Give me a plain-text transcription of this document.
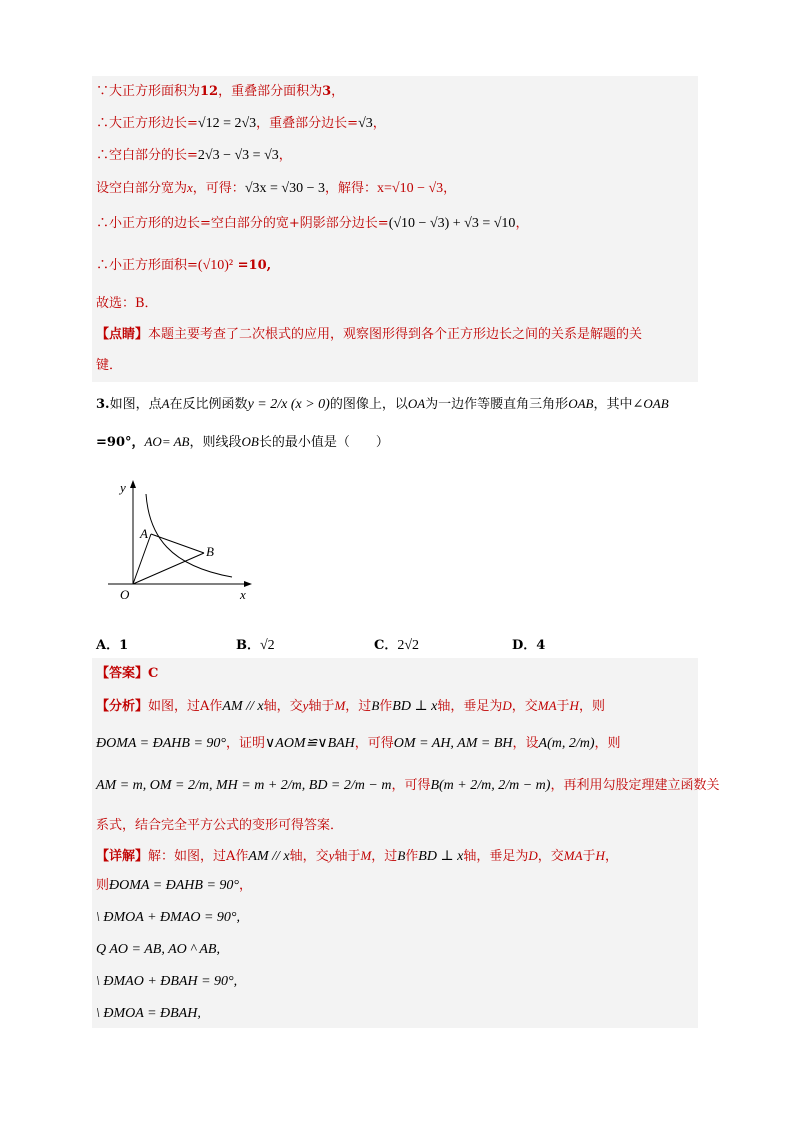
∵大正方形面积为12，重叠部分面积为3，
∴大正方形边长=√12 = 2√3，重叠部分边长=√3，
∴空白部分的长=2√3 − √3 = √3，
设空白部分宽为x，可得：√3x = √30 − 3，解得：x=√10 − √3，
∴小正方形的边长=空白部分的宽+阴影部分边长=(√10 − √3) + √3 = √10，
∴小正方形面积=(√10)² =10,
故选：B．
【点睛】本题主要考查了二次根式的应用，观察图形得到各个正方形边长之间的关系是解题的关
键．
3.如图，点A在反比例函数y = 2/x (x > 0)的图像上，以OA为一边作等腰直角三角形OAB，其中∠OAB
=90°，AO= AB，则线段OB长的最小值是（　　）
y
x
O
A
B
A．1	B．√2	C．2√2	D．4
【答案】C
【分析】如图，过A作AM // x轴，交y轴于M，过B作BD ⊥ x轴，垂足为D，交MA于H，则
ÐOMA = ÐAHB = 90°，证明∨AOM≌∨BAH，可得OM = AH, AM = BH，设A(m, 2/m)，则
AM = m, OM = 2/m, MH = m + 2/m, BD = 2/m − m，可得B(m + 2/m, 2/m − m)，再利用勾股定理建立函数关
系式，结合完全平方公式的变形可得答案．
【详解】解：如图，过A作AM // x轴，交y轴于M，过B作BD ⊥ x轴，垂足为D，交MA于H，
则ÐOMA = ÐAHB = 90°，
\ ÐMOA + ÐMAO = 90°,
Q AO = AB, AO ^ AB,
\ ÐMAO + ÐBAH = 90°,
\ ÐMOA = ÐBAH,
